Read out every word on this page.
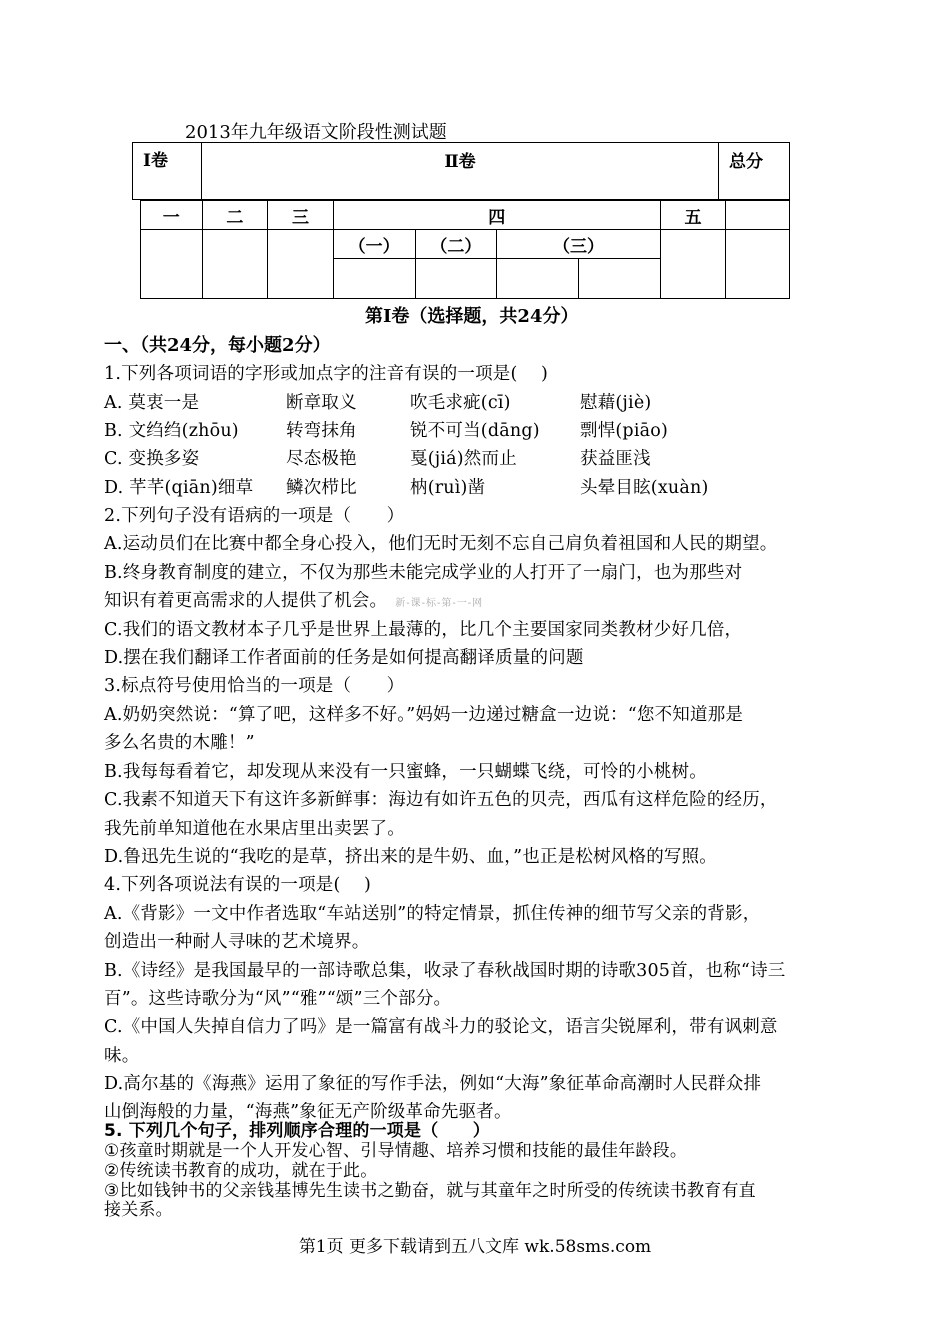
2013年九年级语文阶段性测试题
Ⅰ卷	Ⅱ卷	总分
一	二	三	四				五	
			（一）	（二）	（三）			

第Ⅰ卷（选择题，共24分）
一、（共24分，每小题2分）
1.下列各项词语的字形或加点字的注音有误的一项是(　 )
A. 莫衷一是	断章取义	吹毛求疵(cī)	慰藉(jiè)
B. 文绉绉(zhōu)	转弯抹角	锐不可当(dāng) 剽悍(piāo)
C. 变换多姿	尽态极艳	戛(jiá)然而止	获益匪浅
D. 芊芊(qiān)细草 鳞次栉比	枘(ruì)凿	头晕目眩(xuàn)
2.下列句子没有语病的一项是（　　）
A.运动员们在比赛中都全身心投入，他们无时无刻不忘自己肩负着祖国和人民的期望。
B.终身教育制度的建立，不仅为那些未能完成学业的人打开了一扇门，也为那些对
知识有着更高需求的人提供了机会。 新-课-标-第-一-网
C.我们的语文教材本子几乎是世界上最薄的，比几个主要国家同类教材少好几倍，
D.摆在我们翻译工作者面前的任务是如何提高翻译质量的问题
3.标点符号使用恰当的一项是（　　）
A.奶奶突然说：“算了吧，这样多不好。”妈妈一边递过糖盒一边说：“您不知道那是
多么名贵的木雕！”
B.我每每看着它，却发现从来没有一只蜜蜂，一只蝴蝶飞绕，可怜的小桃树。
C.我素不知道天下有这许多新鲜事：海边有如许五色的贝壳，西瓜有这样危险的经历，
我先前单知道他在水果店里出卖罢了。
D.鲁迅先生说的“我吃的是草，挤出来的是牛奶、血，”也正是松树风格的写照。
4.下列各项说法有误的一项是(　 )
A.《背影》一文中作者选取“车站送别”的特定情景，抓住传神的细节写父亲的背影，
创造出一种耐人寻味的艺术境界。
B.《诗经》是我国最早的一部诗歌总集，收录了春秋战国时期的诗歌305首，也称“诗三
百”。这些诗歌分为“风”“雅”“颂”三个部分。
C.《中国人失掉自信力了吗》是一篇富有战斗力的驳论文，语言尖锐犀利，带有讽刺意
味。
D.高尔基的《海燕》运用了象征的写作手法，例如“大海”象征革命高潮时人民群众排
山倒海般的力量，“海燕”象征无产阶级革命先驱者。
5. 下列几个句子，排列顺序合理的一项是（　　）
①孩童时期就是一个人开发心智、引导情趣、培养习惯和技能的最佳年龄段。
②传统读书教育的成功，就在于此。
③比如钱钟书的父亲钱基博先生读书之勤奋，就与其童年之时所受的传统读书教育有直
接关系。
第1页 更多下载请到五八文库 wk.58sms.com
